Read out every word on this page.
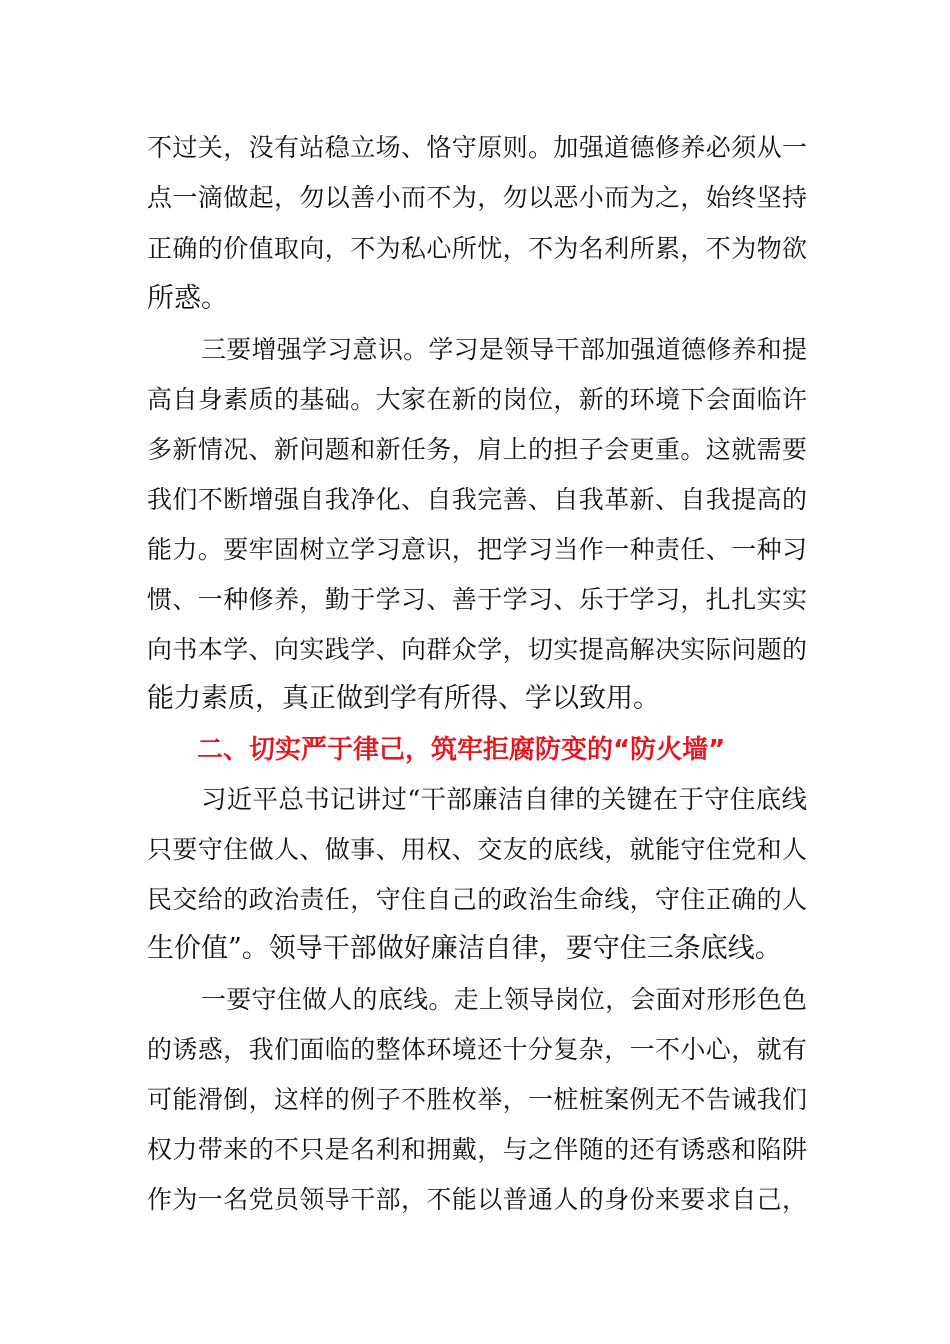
不过关，没有站稳立场、恪守原则。加强道德修养必须从一
点一滴做起，勿以善小而不为，勿以恶小而为之，始终坚持
正确的价值取向，不为私心所忧，不为名利所累，不为物欲
所惑。
三要增强学习意识。学习是领导干部加强道德修养和提
高自身素质的基础。大家在新的岗位，新的环境下会面临许
多新情况、新问题和新任务，肩上的担子会更重。这就需要
我们不断增强自我净化、自我完善、自我革新、自我提高的
能力。要牢固树立学习意识，把学习当作一种责任、一种习
惯、一种修养，勤于学习、善于学习、乐于学习，扎扎实实
向书本学、向实践学、向群众学，切实提高解决实际问题的
能力素质，真正做到学有所得、学以致用。
二、切实严于律己，筑牢拒腐防变的“防火墙”
习近平总书记讲过“干部廉洁自律的关键在于守住底线
只要守住做人、做事、用权、交友的底线，就能守住党和人
民交给的政治责任，守住自己的政治生命线，守住正确的人
生价值”。领导干部做好廉洁自律，要守住三条底线。
一要守住做人的底线。走上领导岗位，会面对形形色色
的诱惑，我们面临的整体环境还十分复杂，一不小心，就有
可能滑倒，这样的例子不胜枚举，一桩桩案例无不告诫我们
权力带来的不只是名利和拥戴，与之伴随的还有诱惑和陷阱
作为一名党员领导干部，不能以普通人的身份来要求自己，
